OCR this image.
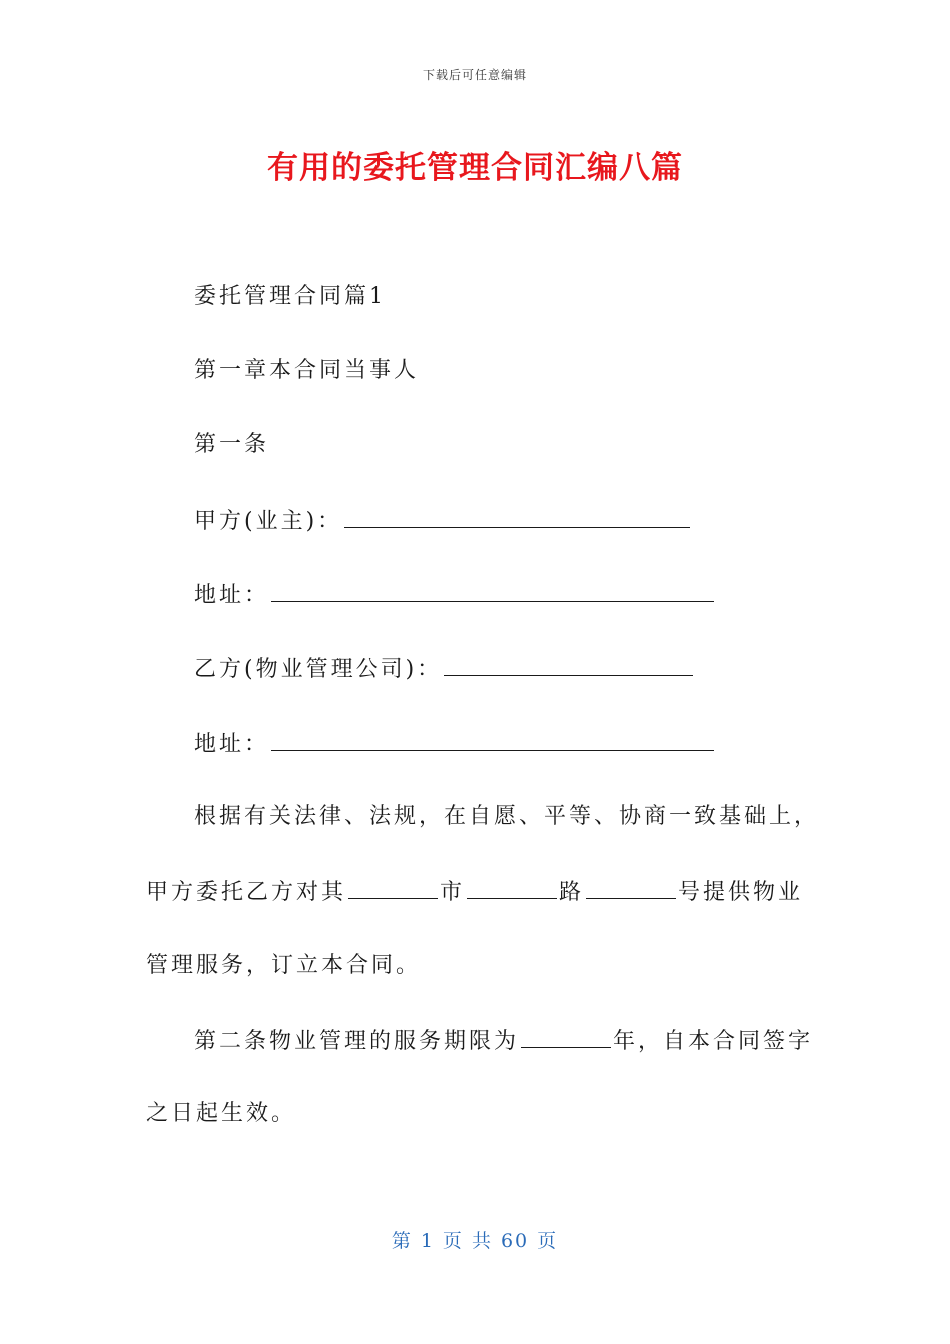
下载后可任意编辑
有用的委托管理合同汇编八篇
委托管理合同篇1
第一章本合同当事人
第一条
甲方(业主)：
地址：
乙方(物业管理公司)：
地址：
根据有关法律、法规，在自愿、平等、协商一致基础上，
甲方委托乙方对其	市	路	号提供物业
管理服务，订立本合同。
第二条物业管理的服务期限为	年，自本合同签字
之日起生效。
第 1 页 共 60 页
